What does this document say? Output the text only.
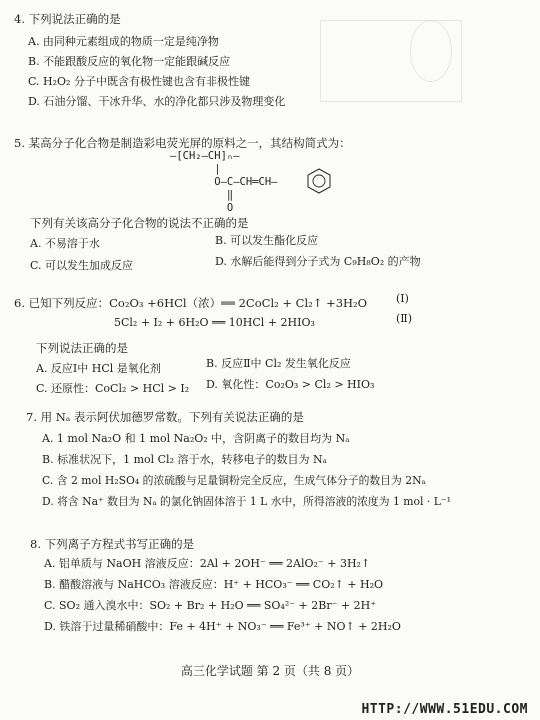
4. 下列说法正确的是
A. 由同种元素组成的物质一定是纯净物
B. 不能跟酸反应的氧化物一定能跟碱反应
C. H₂O₂ 分子中既含有极性键也含有非极性键
D. 石油分馏、干冰升华、水的净化都只涉及物理变化
5. 某高分子化合物是制造彩电荧光屏的原料之一，其结构简式为：
—[CH₂—CH]ₙ—
|
O—C—CH═CH—
‖
O
下列有关该高分子化合物的说法不正确的是
A. 不易溶于水	B. 可以发生酯化反应
C. 可以发生加成反应	D. 水解后能得到分子式为 C₉H₈O₂ 的产物
6. 已知下列反应：Co₂O₃ +6HCl（浓）══ 2CoCl₂ + Cl₂↑ +3H₂O	(Ⅰ)
5Cl₂ + I₂ + 6H₂O ══ 10HCl + 2HIO₃	(Ⅱ)
下列说法正确的是
A. 反应Ⅰ中 HCl 是氧化剂	B. 反应Ⅱ中 Cl₂ 发生氧化反应
C. 还原性：CoCl₂ > HCl > I₂ D. 氧化性：Co₂O₃ > Cl₂ > HIO₃
7. 用 Nₐ 表示阿伏加德罗常数。下列有关说法正确的是
A. 1 mol Na₂O 和 1 mol Na₂O₂ 中，含阴离子的数目均为 Nₐ
B. 标准状况下，1 mol Cl₂ 溶于水，转移电子的数目为 Nₐ
C. 含 2 mol H₂SO₄ 的浓硫酸与足量铜粉完全反应，生成气体分子的数目为 2Nₐ
D. 将含 Na⁺ 数目为 Nₐ 的氯化钠固体溶于 1 L 水中，所得溶液的浓度为 1 mol · L⁻¹
8. 下列离子方程式书写正确的是
A. 铝单质与 NaOH 溶液反应：2Al + 2OH⁻ ══ 2AlO₂⁻ + 3H₂↑
B. 醋酸溶液与 NaHCO₃ 溶液反应：H⁺ + HCO₃⁻ ══ CO₂↑ + H₂O
C. SO₂ 通入溴水中：SO₂ + Br₂ + H₂O ══ SO₄²⁻ + 2Br⁻ + 2H⁺
D. 铁溶于过量稀硝酸中：Fe + 4H⁺ + NO₃⁻ ══ Fe³⁺ + NO↑ + 2H₂O
高三化学试题 第 2 页（共 8 页）
HTTP://WWW.51EDU.COM
